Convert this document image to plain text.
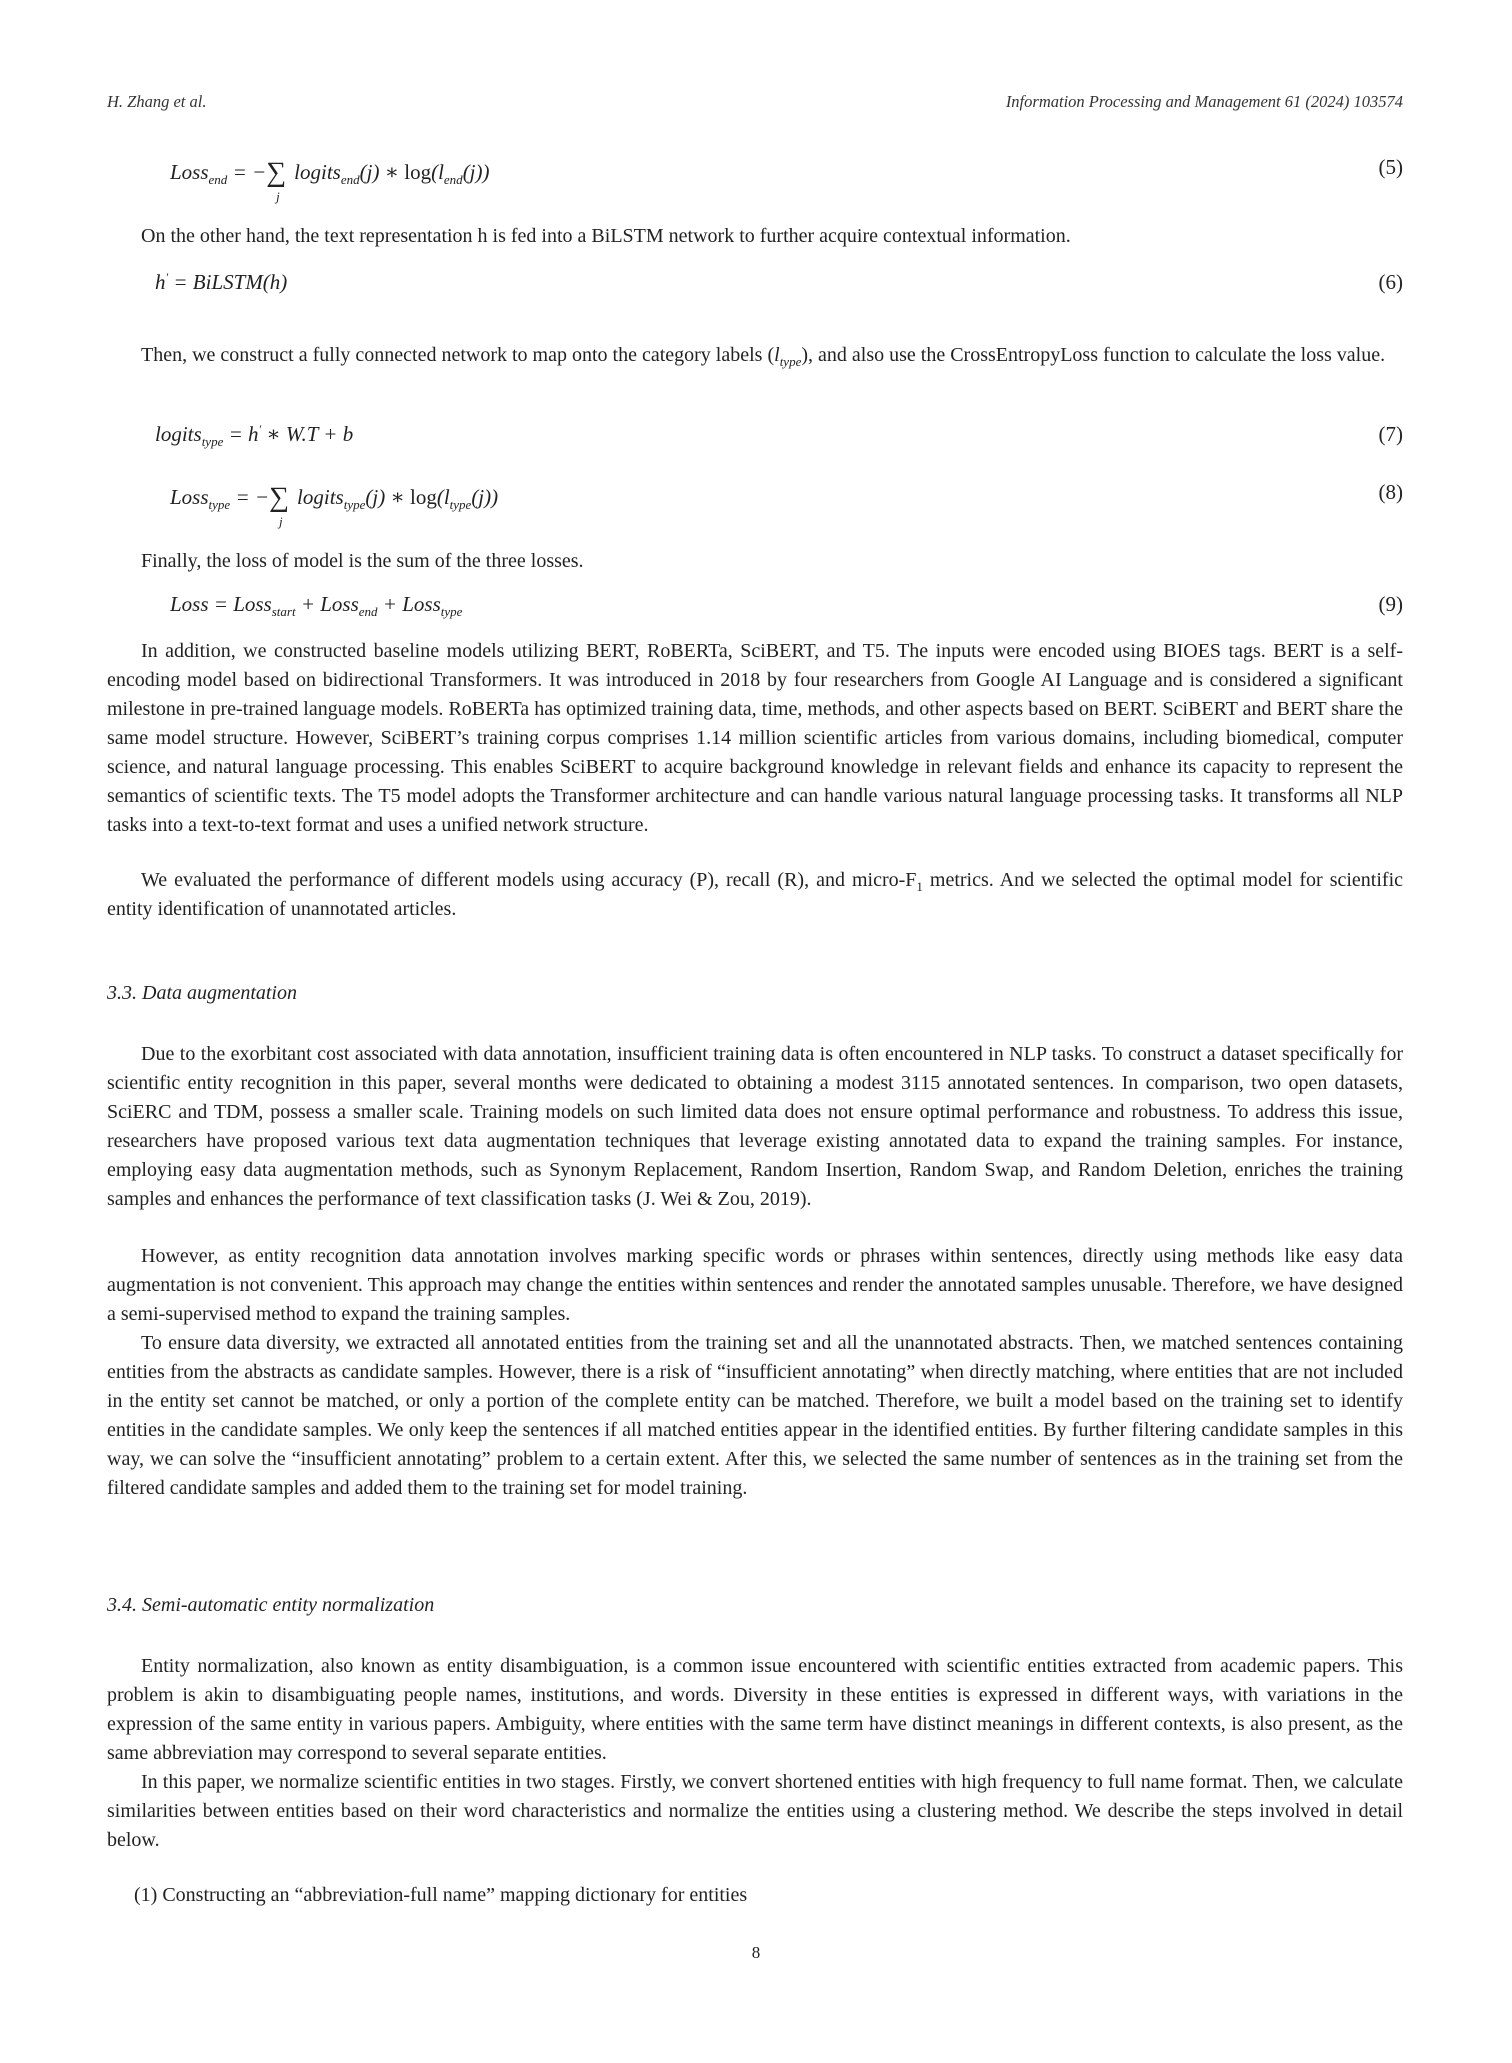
H. Zhang et al.	Information Processing and Management 61 (2024) 103574
Loss$_{end}$ = −∑
j
logits$_{end}$(j) ∗ $\log(l_{end}(j))$	(5)

On the other hand, the text representation h is fed into a BiLSTM network to further acquire contextual information.

h′ = BiLSTM(h)	(6)

Then, we construct a fully connected network to map onto the category labels $(l_{type})$, and also use the CrossEntropyLoss function to calculate the loss value.

logits$_{type}$ = h′ ∗ W.T + b	(7)
Loss$_{type}$ = −∑
j
logits$_{type}$(j) ∗ $\log(l_{type}(j))$	(8)

Finally, the loss of model is the sum of the three losses.

Loss = Loss$_{start}$ + Loss$_{end}$ + Loss$_{type}$	(9)

In addition, we constructed baseline models utilizing BERT, RoBERTa, SciBERT, and T5. The inputs were encoded using BIOES tags. BERT is a self-encoding model based on bidirectional Transformers. It was introduced in 2018 by four researchers from Google AI Language and is considered a significant milestone in pre-trained language models. RoBERTa has optimized training data, time, methods, and other aspects based on BERT. SciBERT and BERT share the same model structure. However, SciBERT’s training corpus comprises 1.14 million scientific articles from various domains, including biomedical, computer science, and natural language processing. This enables SciBERT to acquire background knowledge in relevant fields and enhance its capacity to represent the semantics of scientific texts. The T5 model adopts the Transformer architecture and can handle various natural language processing tasks. It transforms all NLP tasks into a text-to-text format and uses a unified network structure.

We evaluated the performance of different models using accuracy (P), recall (R), and micro-$F_1$ metrics. And we selected the optimal model for scientific entity identification of unannotated articles.

3.3. Data augmentation

Due to the exorbitant cost associated with data annotation, insufficient training data is often encountered in NLP tasks. To construct a dataset specifically for scientific entity recognition in this paper, several months were dedicated to obtaining a modest 3115 annotated sentences. In comparison, two open datasets, SciERC and TDM, possess a smaller scale. Training models on such limited data does not ensure optimal performance and robustness. To address this issue, researchers have proposed various text data augmentation techniques that leverage existing annotated data to expand the training samples. For instance, employing easy data augmentation methods, such as Synonym Replacement, Random Insertion, Random Swap, and Random Deletion, enriches the training samples and enhances the performance of text classification tasks (J. Wei & Zou, 2019).

However, as entity recognition data annotation involves marking specific words or phrases within sentences, directly using methods like easy data augmentation is not convenient. This approach may change the entities within sentences and render the annotated samples unusable. Therefore, we have designed a semi-supervised method to expand the training samples.

To ensure data diversity, we extracted all annotated entities from the training set and all the unannotated abstracts. Then, we matched sentences containing entities from the abstracts as candidate samples. However, there is a risk of “insufficient annotating” when directly matching, where entities that are not included in the entity set cannot be matched, or only a portion of the complete entity can be matched. Therefore, we built a model based on the training set to identify entities in the candidate samples. We only keep the sentences if all matched entities appear in the identified entities. By further filtering candidate samples in this way, we can solve the “insufficient annotating” problem to a certain extent. After this, we selected the same number of sentences as in the training set from the filtered candidate samples and added them to the training set for model training.

3.4. Semi-automatic entity normalization

Entity normalization, also known as entity disambiguation, is a common issue encountered with scientific entities extracted from academic papers. This problem is akin to disambiguating people names, institutions, and words. Diversity in these entities is expressed in different ways, with variations in the expression of the same entity in various papers. Ambiguity, where entities with the same term have distinct meanings in different contexts, is also present, as the same abbreviation may correspond to several separate entities.

In this paper, we normalize scientific entities in two stages. Firstly, we convert shortened entities with high frequency to full name format. Then, we calculate similarities between entities based on their word characteristics and normalize the entities using a clustering method. We describe the steps involved in detail below.

(1) Constructing an “abbreviation-full name” mapping dictionary for entities
8
